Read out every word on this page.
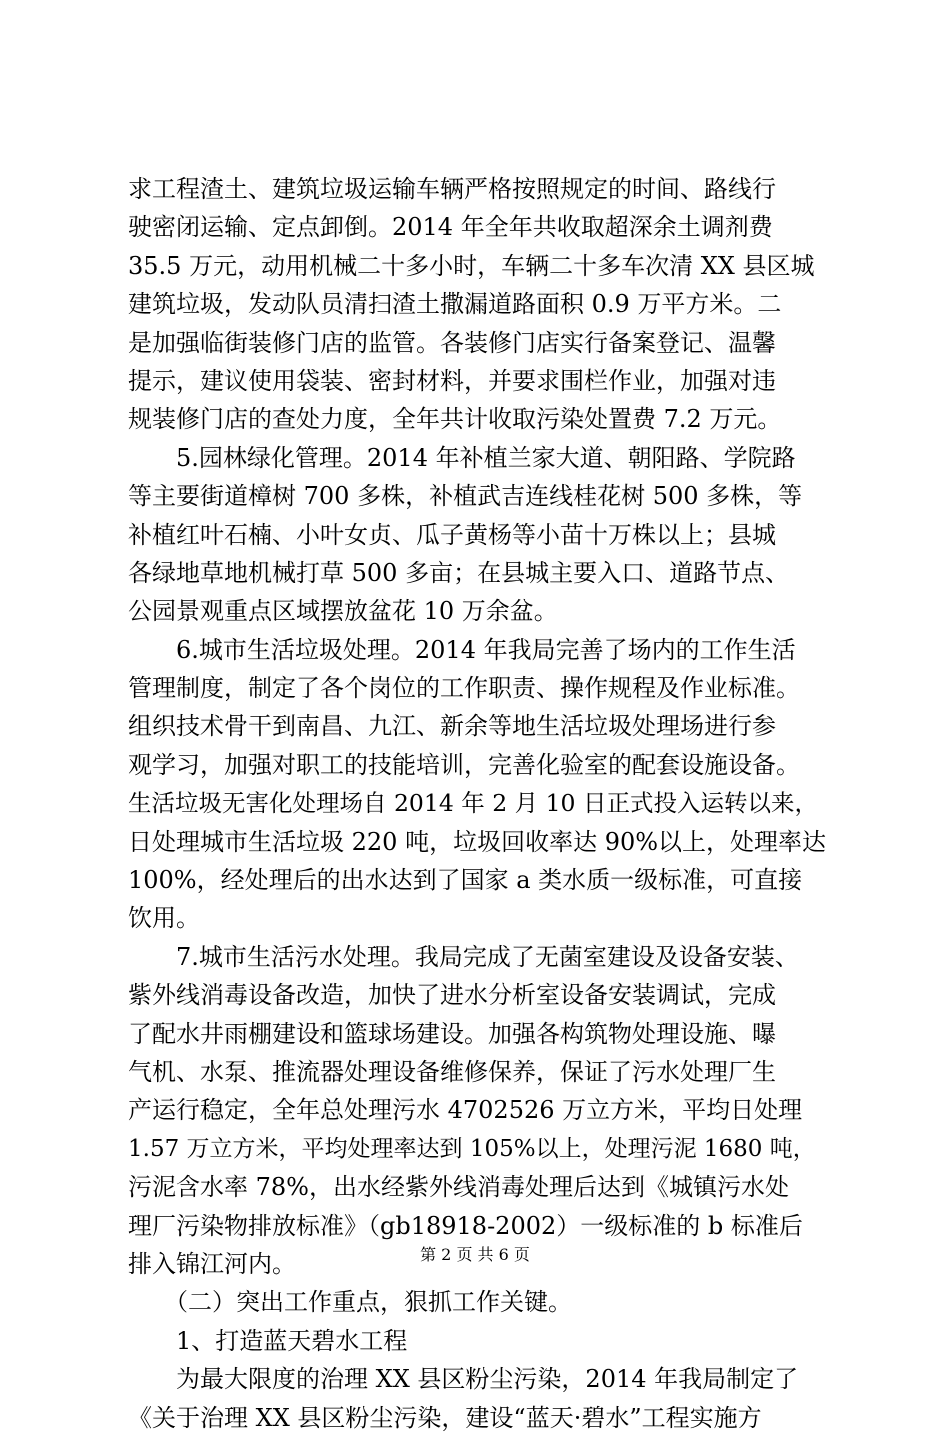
求工程渣土、建筑垃圾运输车辆严格按照规定的时间、路线行
驶密闭运输、定点卸倒。2014 年全年共收取超深余土调剂费
35.5 万元，动用机械二十多小时，车辆二十多车次清 XX 县区城
建筑垃圾，发动队员清扫渣土撒漏道路面积 0.9 万平方米。二
是加强临街装修门店的监管。各装修门店实行备案登记、温馨
提示，建议使用袋装、密封材料，并要求围栏作业，加强对违
规装修门店的查处力度，全年共计收取污染处置费 7.2 万元。
　　5.园林绿化管理。2014 年补植兰家大道、朝阳路、学院路
等主要街道樟树 700 多株，补植武吉连线桂花树 500 多株，等
补植红叶石楠、小叶女贞、瓜子黄杨等小苗十万株以上；县城
各绿地草地机械打草 500 多亩；在县城主要入口、道路节点、
公园景观重点区域摆放盆花 10 万余盆。
　　6.城市生活垃圾处理。2014 年我局完善了场内的工作生活
管理制度，制定了各个岗位的工作职责、操作规程及作业标准。
组织技术骨干到南昌、九江、新余等地生活垃圾处理场进行参
观学习，加强对职工的技能培训，完善化验室的配套设施设备。
生活垃圾无害化处理场自 2014 年 2 月 10 日正式投入运转以来，
日处理城市生活垃圾 220 吨，垃圾回收率达 90%以上，处理率达
100%，经处理后的出水达到了国家 a 类水质一级标准，可直接
饮用。
　　7.城市生活污水处理。我局完成了无菌室建设及设备安装、
紫外线消毒设备改造，加快了进水分析室设备安装调试，完成
了配水井雨棚建设和篮球场建设。加强各构筑物处理设施、曝
气机、水泵、推流器处理设备维修保养，保证了污水处理厂生
产运行稳定，全年总处理污水 4702526 万立方米，平均日处理
1.57 万立方米，平均处理率达到 105%以上，处理污泥 1680 吨，
污泥含水率 78%，出水经紫外线消毒处理后达到《城镇污水处
理厂污染物排放标准》（gb18918-2002）一级标准的 b 标准后
排入锦江河内。
　　（二）突出工作重点，狠抓工作关键。
　　1、打造蓝天碧水工程
　　为最大限度的治理 XX 县区粉尘污染，2014 年我局制定了
《关于治理 XX 县区粉尘污染，建设“蓝天·碧水”工程实施方
第 2 页 共 6 页
